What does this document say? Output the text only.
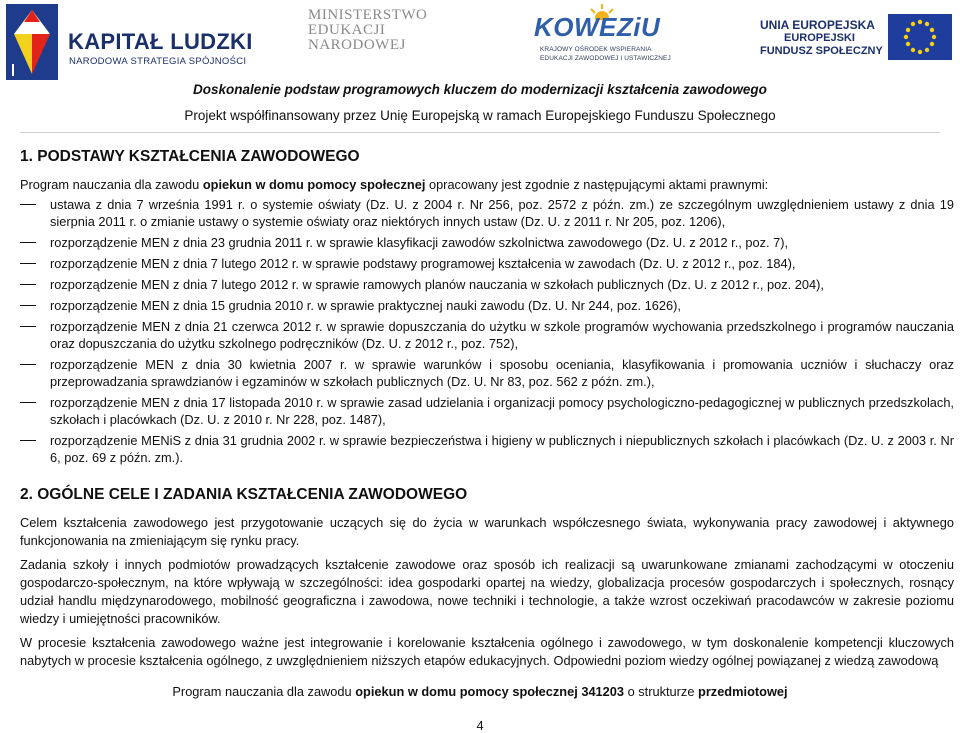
KAPITAŁ LUDZKI
NARODOWA STRATEGIA SPÓJNOŚCI
MINISTERSTWO
EDUKACJI
NARODOWEJ
KOWEZiU
KRAJOWY OŚRODEK WSPIERANIA
EDUKACJI ZAWODOWEJ I USTAWICZNEJ
UNIA EUROPEJSKA
EUROPEJSKI
FUNDUSZ SPOŁECZNY
Doskonalenie podstaw programowych kluczem do modernizacji kształcenia zawodowego
Projekt współfinansowany przez Unię Europejską w ramach Europejskiego Funduszu Społecznego
1. PODSTAWY KSZTAŁCENIA ZAWODOWEGO
Program nauczania dla zawodu opiekun w domu pomocy społecznej opracowany jest zgodnie z następującymi aktami prawnymi:
ustawa z dnia 7 września 1991 r. o systemie oświaty (Dz. U. z 2004 r. Nr 256, poz. 2572 z późn. zm.) ze szczególnym uwzględnieniem ustawy z dnia 19 sierpnia 2011 r. o zmianie ustawy o systemie oświaty oraz niektórych innych ustaw (Dz. U. z 2011 r. Nr 205, poz. 1206),
rozporządzenie MEN z dnia 23 grudnia 2011 r. w sprawie klasyfikacji zawodów szkolnictwa zawodowego (Dz. U. z 2012 r., poz. 7),
rozporządzenie MEN z dnia 7 lutego 2012 r. w sprawie podstawy programowej kształcenia w zawodach (Dz. U. z 2012 r., poz. 184),
rozporządzenie MEN z dnia 7 lutego 2012 r. w sprawie ramowych planów nauczania w szkołach publicznych (Dz. U. z 2012 r., poz. 204),
rozporządzenie MEN z dnia 15 grudnia 2010 r. w sprawie praktycznej nauki zawodu (Dz. U. Nr 244, poz. 1626),
rozporządzenie MEN z dnia 21 czerwca 2012 r. w sprawie dopuszczania do użytku w szkole programów wychowania przedszkolnego i programów nauczania oraz dopuszczania do użytku szkolnego podręczników (Dz. U. z 2012 r., poz. 752),
rozporządzenie MEN z dnia 30 kwietnia 2007 r. w sprawie warunków i sposobu oceniania, klasyfikowania i promowania uczniów i słuchaczy oraz przeprowadzania sprawdzianów i egzaminów w szkołach publicznych (Dz. U. Nr 83, poz. 562 z późn. zm.),
rozporządzenie MEN z dnia 17 listopada 2010 r. w sprawie zasad udzielania i organizacji pomocy psychologiczno-pedagogicznej w publicznych przedszkolach, szkołach i placówkach (Dz. U. z 2010 r. Nr 228, poz. 1487),
rozporządzenie MENiS z dnia 31 grudnia 2002 r. w sprawie bezpieczeństwa i higieny w publicznych i niepublicznych szkołach i placówkach (Dz. U. z 2003 r. Nr 6, poz. 69 z późn. zm.).
2. OGÓLNE CELE I ZADANIA KSZTAŁCENIA ZAWODOWEGO

Celem kształcenia zawodowego jest przygotowanie uczących się do życia w warunkach współczesnego świata, wykonywania pracy zawodowej i aktywnego funkcjonowania na zmieniającym się rynku pracy.

Zadania szkoły i innych podmiotów prowadzących kształcenie zawodowe oraz sposób ich realizacji są uwarunkowane zmianami zachodzącymi w otoczeniu gospodarczo-społecznym, na które wpływają w szczególności: idea gospodarki opartej na wiedzy, globalizacja procesów gospodarczych i społecznych, rosnący udział handlu międzynarodowego, mobilność geograficzna i zawodowa, nowe techniki i technologie, a także wzrost oczekiwań pracodawców w zakresie poziomu wiedzy i umiejętności pracowników.

W procesie kształcenia zawodowego ważne jest integrowanie i korelowanie kształcenia ogólnego i zawodowego, w tym doskonalenie kompetencji kluczowych nabytych w procesie kształcenia ogólnego, z uwzględnieniem niższych etapów edukacyjnych. Odpowiedni poziom wiedzy ogólnej powiązanej z wiedzą zawodową

Program nauczania dla zawodu opiekun w domu pomocy społecznej 341203 o strukturze przedmiotowej
4
